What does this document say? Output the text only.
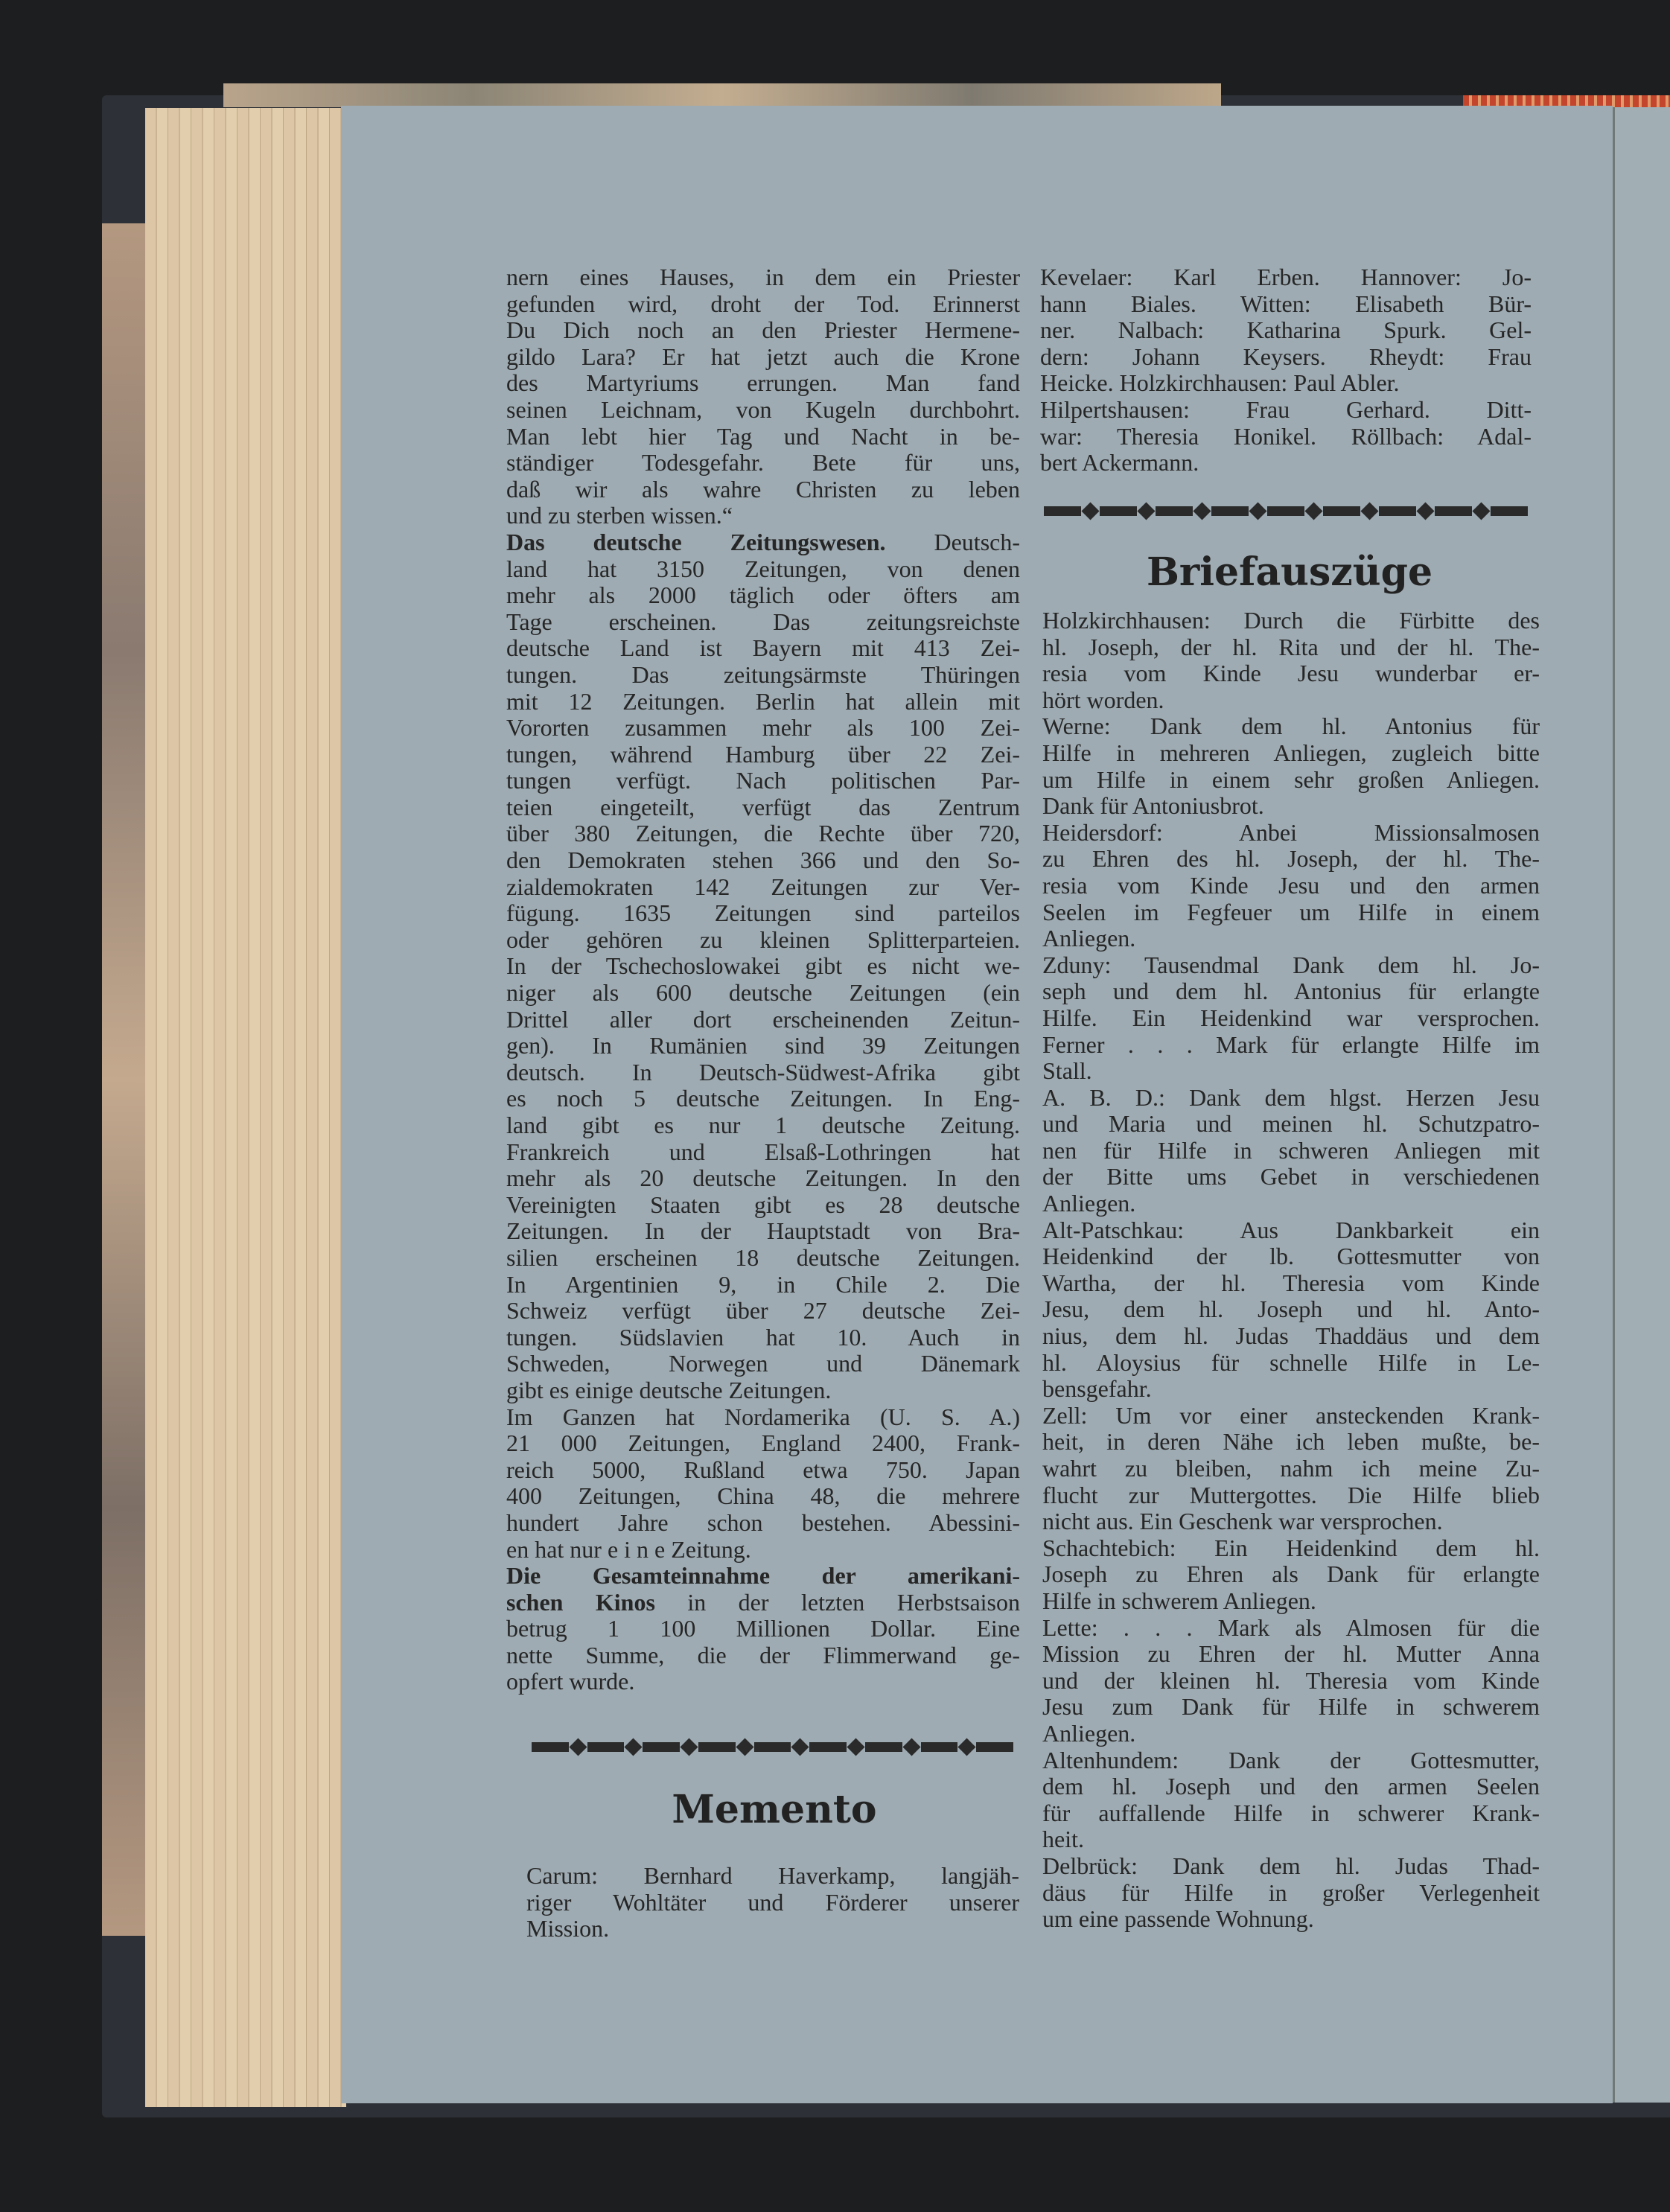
nern eines Hauses, in dem ein Priester
gefunden wird, droht der Tod. Erinnerst
Du Dich noch an den Priester Hermene-
gildo Lara? Er hat jetzt auch die Krone
des Martyriums errungen. Man fand
seinen Leichnam, von Kugeln durchbohrt.
Man lebt hier Tag und Nacht in be-
ständiger Todesgefahr. Bete für uns,
daß wir als wahre Christen zu leben
und zu sterben wissen.“
Das deutsche Zeitungswesen. Deutsch-
land hat 3150 Zeitungen, von denen
mehr als 2000 täglich oder öfters am
Tage erscheinen. Das zeitungsreichste
deutsche Land ist Bayern mit 413 Zei-
tungen. Das zeitungsärmste Thüringen
mit 12 Zeitungen. Berlin hat allein mit
Vororten zusammen mehr als 100 Zei-
tungen, während Hamburg über 22 Zei-
tungen verfügt. Nach politischen Par-
teien eingeteilt, verfügt das Zentrum
über 380 Zeitungen, die Rechte über 720,
den Demokraten stehen 366 und den So-
zialdemokraten 142 Zeitungen zur Ver-
fügung. 1635 Zeitungen sind parteilos
oder gehören zu kleinen Splitterparteien.
In der Tschechoslowakei gibt es nicht we-
niger als 600 deutsche Zeitungen (ein
Drittel aller dort erscheinenden Zeitun-
gen). In Rumänien sind 39 Zeitungen
deutsch. In Deutsch-Südwest-Afrika gibt
es noch 5 deutsche Zeitungen. In Eng-
land gibt es nur 1 deutsche Zeitung.
Frankreich und Elsaß-Lothringen hat
mehr als 20 deutsche Zeitungen. In den
Vereinigten Staaten gibt es 28 deutsche
Zeitungen. In der Hauptstadt von Bra-
silien erscheinen 18 deutsche Zeitungen.
In Argentinien 9, in Chile 2. Die
Schweiz verfügt über 27 deutsche Zei-
tungen. Südslavien hat 10. Auch in
Schweden, Norwegen und Dänemark
gibt es einige deutsche Zeitungen.
Im Ganzen hat Nordamerika (U. S. A.)
21 000 Zeitungen, England 2400, Frank-
reich 5000, Rußland etwa 750. Japan
400 Zeitungen, China 48, die mehrere
hundert Jahre schon bestehen. Abessini-
en hat nur e i n e Zeitung.
Die Gesamteinnahme der amerikani-
schen Kinos in der letzten Herbstsaison
betrug 1 100 Millionen Dollar. Eine
nette Summe, die der Flimmerwand ge-
opfert wurde.
Memento
Carum: Bernhard Haverkamp, langjäh-
riger Wohltäter und Förderer unserer
Mission.
Kevelaer: Karl Erben. Hannover: Jo-
hann Biales. Witten: Elisabeth Bür-
ner. Nalbach: Katharina Spurk. Gel-
dern: Johann Keysers. Rheydt: Frau
Heicke. Holzkirchhausen: Paul Abler.
Hilpertshausen: Frau Gerhard. Ditt-
war: Theresia Honikel. Röllbach: Adal-
bert Ackermann.
Briefauszüge
Holzkirchhausen: Durch die Fürbitte des
hl. Joseph, der hl. Rita und der hl. The-
resia vom Kinde Jesu wunderbar er-
hört worden.
Werne: Dank dem hl. Antonius für
Hilfe in mehreren Anliegen, zugleich bitte
um Hilfe in einem sehr großen Anliegen.
Dank für Antoniusbrot.
Heidersdorf: Anbei Missionsalmosen
zu Ehren des hl. Joseph, der hl. The-
resia vom Kinde Jesu und den armen
Seelen im Fegfeuer um Hilfe in einem
Anliegen.
Zduny: Tausendmal Dank dem hl. Jo-
seph und dem hl. Antonius für erlangte
Hilfe. Ein Heidenkind war versprochen.
Ferner . . . Mark für erlangte Hilfe im
Stall.
A. B. D.: Dank dem hlgst. Herzen Jesu
und Maria und meinen hl. Schutzpatro-
nen für Hilfe in schweren Anliegen mit
der Bitte ums Gebet in verschiedenen
Anliegen.
Alt-Patschkau: Aus Dankbarkeit ein
Heidenkind der lb. Gottesmutter von
Wartha, der hl. Theresia vom Kinde
Jesu, dem hl. Joseph und hl. Anto-
nius, dem hl. Judas Thaddäus und dem
hl. Aloysius für schnelle Hilfe in Le-
bensgefahr.
Zell: Um vor einer ansteckenden Krank-
heit, in deren Nähe ich leben mußte, be-
wahrt zu bleiben, nahm ich meine Zu-
flucht zur Muttergottes. Die Hilfe blieb
nicht aus. Ein Geschenk war versprochen.
Schachtebich: Ein Heidenkind dem hl.
Joseph zu Ehren als Dank für erlangte
Hilfe in schwerem Anliegen.
Lette: . . . Mark als Almosen für die
Mission zu Ehren der hl. Mutter Anna
und der kleinen hl. Theresia vom Kinde
Jesu zum Dank für Hilfe in schwerem
Anliegen.
Altenhundem: Dank der Gottesmutter,
dem hl. Joseph und den armen Seelen
für auffallende Hilfe in schwerer Krank-
heit.
Delbrück: Dank dem hl. Judas Thad-
däus für Hilfe in großer Verlegenheit
um eine passende Wohnung.
